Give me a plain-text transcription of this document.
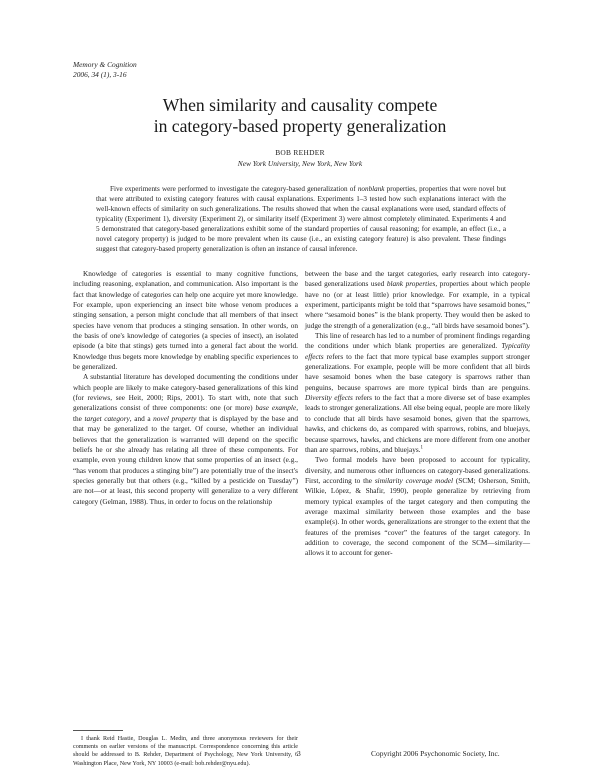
Memory & Cognition
2006, 34 (1), 3-16
When similarity and causality compete
in category-based property generalization
BOB REHDER
New York University, New York, New York
Five experiments were performed to investigate the category-based generalization of nonblank properties, properties that were novel but that were attributed to existing category features with causal explanations. Experiments 1–3 tested how such explanations interact with the well-known effects of similarity on such generalizations. The results showed that when the causal explanations were used, standard effects of typicality (Experiment 1), diversity (Experiment 2), or similarity itself (Experiment 3) were almost completely eliminated. Experiments 4 and 5 demonstrated that category-based generalizations exhibit some of the standard properties of causal reasoning; for example, an effect (i.e., a novel category property) is judged to be more prevalent when its cause (i.e., an existing category feature) is also prevalent. These findings suggest that category-based property generalization is often an instance of causal inference.

Knowledge of categories is essential to many cognitive functions, including reasoning, explanation, and communication. Also important is the fact that knowledge of categories can help one acquire yet more knowledge. For example, upon experiencing an insect bite whose venom produces a stinging sensation, a person might conclude that all members of that insect species have venom that produces a stinging sensation. In other words, on the basis of one's knowledge of categories (a species of insect), an isolated episode (a bite that stings) gets turned into a general fact about the world. Knowledge thus begets more knowledge by enabling specific experiences to be generalized.

A substantial literature has developed documenting the conditions under which people are likely to make category-based generalizations of this kind (for reviews, see Heit, 2000; Rips, 2001). To start with, note that such generalizations consist of three components: one (or more) base example, the target category, and a novel property that is displayed by the base and that may be generalized to the target. Of course, whether an individual believes that the generalization is warranted will depend on the specific beliefs he or she already has relating all three of these components. For example, even young children know that some properties of an insect (e.g., “has venom that produces a stinging bite”) are potentially true of the insect's species generally but that others (e.g., “killed by a pesticide on Tuesday”) are not—or at least, this second property will generalize to a very different category (Gelman, 1988). Thus, in order to focus on the relationship

between the base and the target categories, early research into category-based generalizations used blank properties, properties about which people have no (or at least little) prior knowledge. For example, in a typical experiment, participants might be told that “sparrows have sesamoid bones,” where “sesamoid bones” is the blank property. They would then be asked to judge the strength of a generalization (e.g., “all birds have sesamoid bones”).

This line of research has led to a number of prominent findings regarding the conditions under which blank properties are generalized. Typicality effects refers to the fact that more typical base examples support stronger generalizations. For example, people will be more confident that all birds have sesamoid bones when the base category is sparrows rather than penguins, because sparrows are more typical birds than are penguins. Diversity effects refers to the fact that a more diverse set of base examples leads to stronger generalizations. All else being equal, people are more likely to conclude that all birds have sesamoid bones, given that the sparrows, hawks, and chickens do, as compared with sparrows, robins, and bluejays, because sparrows, hawks, and chickens are more different from one another than are sparrows, robins, and bluejays.$^1$

Two formal models have been proposed to account for typicality, diversity, and numerous other influences on category-based generalizations. First, according to the similarity coverage model (SCM; Osherson, Smith, Wilkie, López, & Shafir, 1990), people generalize by retrieving from memory typical examples of the target category and then computing the average maximal similarity between those examples and the base example(s). In other words, generalizations are stronger to the extent that the features of the premises “cover” the features of the target category. In addition to coverage, the second component of the SCM—similarity—allows it to account for gener-

I thank Reid Hastie, Douglas L. Medin, and three anonymous reviewers for their comments on earlier versions of the manuscript. Correspondence concerning this article should be addressed to B. Rehder, Department of Psychology, New York University, 6 Washington Place, New York, NY 10003 (e-mail: bob.rehder@nyu.edu).
3	Copyright 2006 Psychonomic Society, Inc.
